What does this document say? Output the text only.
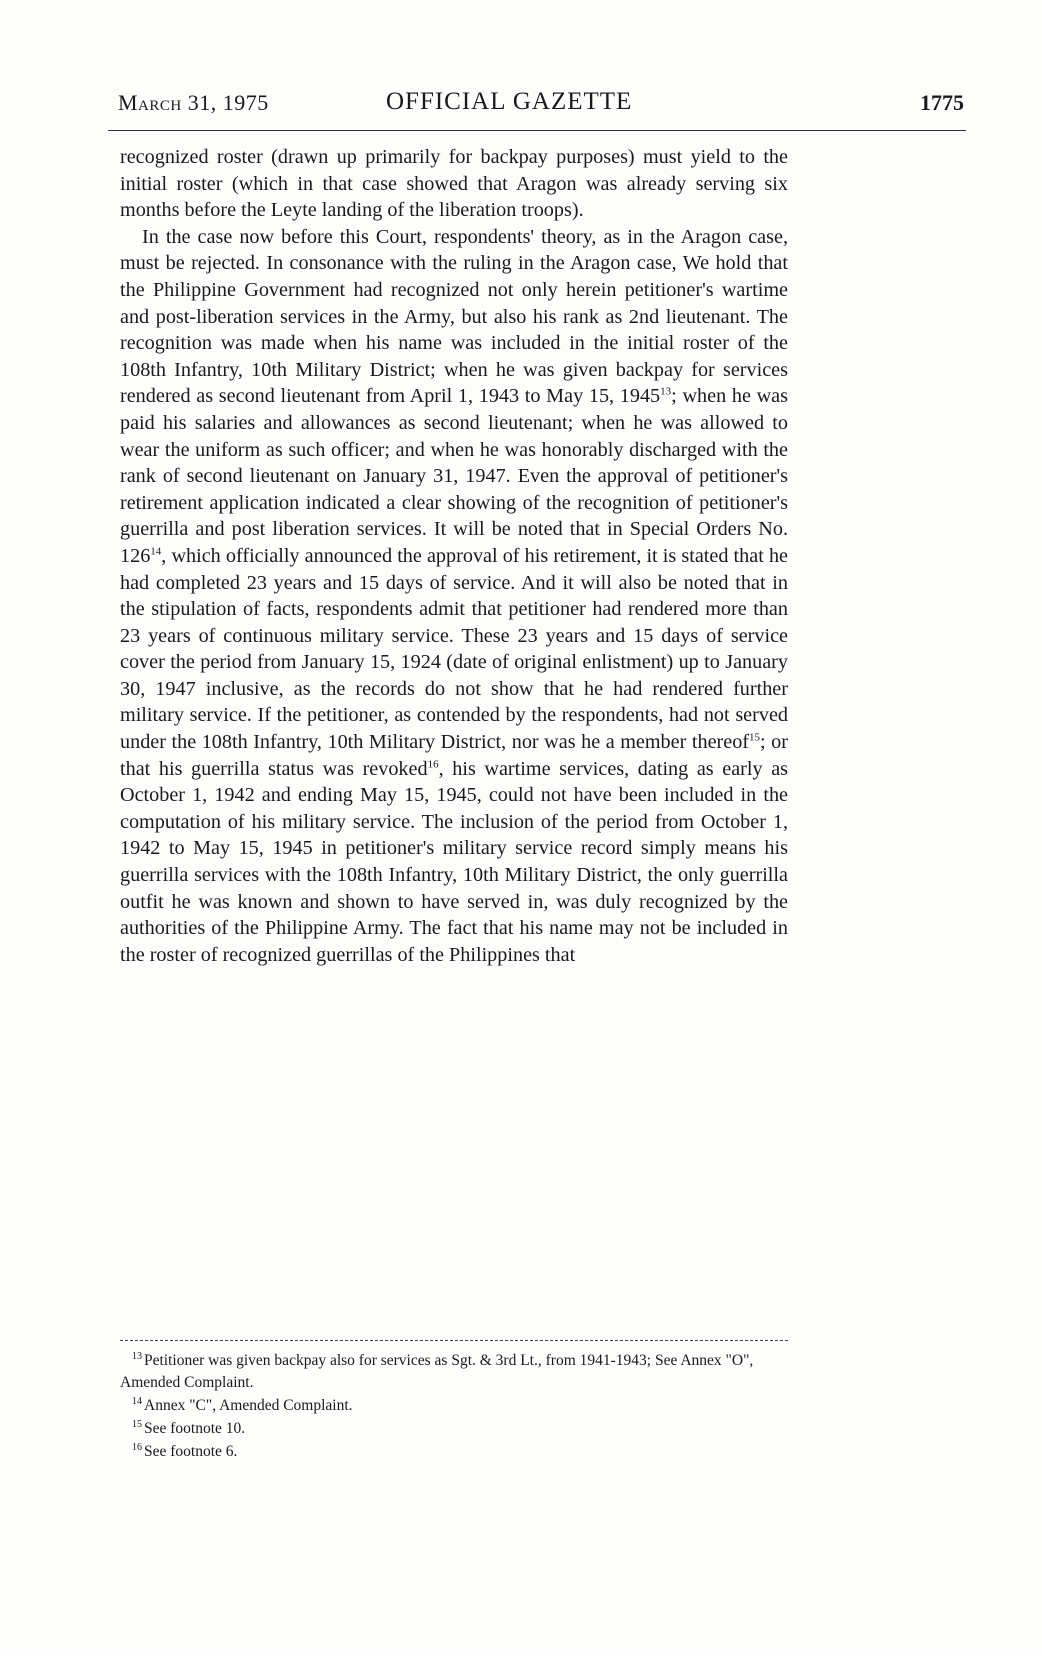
March 31, 1975	OFFICIAL GAZETTE	1775

recognized roster (drawn up primarily for backpay purposes) must yield to the initial roster (which in that case showed that Aragon was already serving six months before the Leyte landing of the liberation troops).

In the case now before this Court, respondents' theory, as in the Aragon case, must be rejected. In consonance with the ruling in the Aragon case, We hold that the Philippine Government had recognized not only herein petitioner's wartime and post-liberation services in the Army, but also his rank as 2nd lieutenant. The recognition was made when his name was included in the initial roster of the 108th Infantry, 10th Military District; when he was given backpay for services rendered as second lieutenant from April 1, 1943 to May 15, 1945$^{13}$; when he was paid his salaries and allowances as second lieutenant; when he was allowed to wear the uniform as such officer; and when he was honorably discharged with the rank of second lieutenant on January 31, 1947. Even the approval of petitioner's retirement application indicated a clear showing of the recognition of petitioner's guerrilla and post liberation services. It will be noted that in Special Orders No. 126$^{14}$, which officially announced the approval of his retirement, it is stated that he had completed 23 years and 15 days of service. And it will also be noted that in the stipulation of facts, respondents admit that petitioner had rendered more than 23 years of continuous military service. These 23 years and 15 days of service cover the period from January 15, 1924 (date of original enlistment) up to January 30, 1947 inclusive, as the records do not show that he had rendered further military service. If the petitioner, as contended by the respondents, had not served under the 108th Infantry, 10th Military District, nor was he a member thereof$^{15}$; or that his guerrilla status was revoked$^{16}$, his wartime services, dating as early as October 1, 1942 and ending May 15, 1945, could not have been included in the computation of his military service. The inclusion of the period from October 1, 1942 to May 15, 1945 in petitioner's military service record simply means his guerrilla services with the 108th Infantry, 10th Military District, the only guerrilla outfit he was known and shown to have served in, was duly recognized by the authorities of the Philippine Army. The fact that his name may not be included in the roster of recognized guerrillas of the Philippines that

$^{13}$ Petitioner was given backpay also for services as Sgt. & 3rd Lt., from 1941-1943; See Annex "O", Amended Complaint.

$^{14}$ Annex "C", Amended Complaint.

$^{15}$ See footnote 10.

$^{16}$ See footnote 6.
